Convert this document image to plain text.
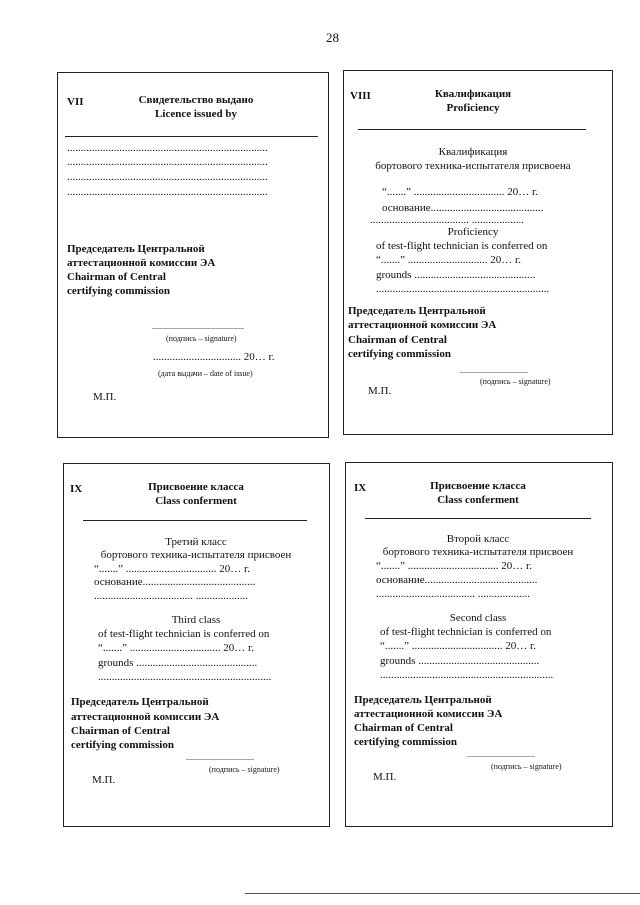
28
VII	Свидетельство выдано
Licence issued by
.........................................................................
.........................................................................
.........................................................................
.........................................................................
Председатель Центральной
аттестационной комиссии ЭА
Chairman of Central
certifying commission
..............................................
(подпись – signature)
................................ 20… г.
(дата выдачи – date of issue)
М.П.
VIII	Квалификация
Proficiency
Квалификация
бортового техника-испытателя присвоена
“.......” ................................. 20… г.
основание.........................................
.................................... ...................
Proficiency
of test-flight technician is conferred on
“.......” ............................. 20… г.
grounds ............................................
...............................................................
Председатель Центральной
аттестационной комиссии ЭА
Chairman of Central
certifying commission
..................................
(подпись – signature)
М.П.
IX	Присвоение класса
Class conferment
Третий класс
бортового техника-испытателя присвоен
“.......” ................................. 20… г.
основание.........................................
.................................... ...................
Third class
of test-flight technician is conferred on
“.......” ................................. 20… г.
grounds ............................................
...............................................................
Председатель Центральной
аттестационной комиссии ЭА
Chairman of Central
certifying commission
..................................
(подпись – signature)
М.П.
IX	Присвоение класса
Class conferment
Второй класс
бортового техника-испытателя присвоен
“.......” ................................. 20… г.
основание.........................................
.................................... ...................
Second class
of test-flight technician is conferred on
“.......” ................................. 20… г.
grounds ............................................
...............................................................
Председатель Центральной
аттестационной комиссии ЭА
Chairman of Central
certifying commission
..................................
(подпись – signature)
М.П.
